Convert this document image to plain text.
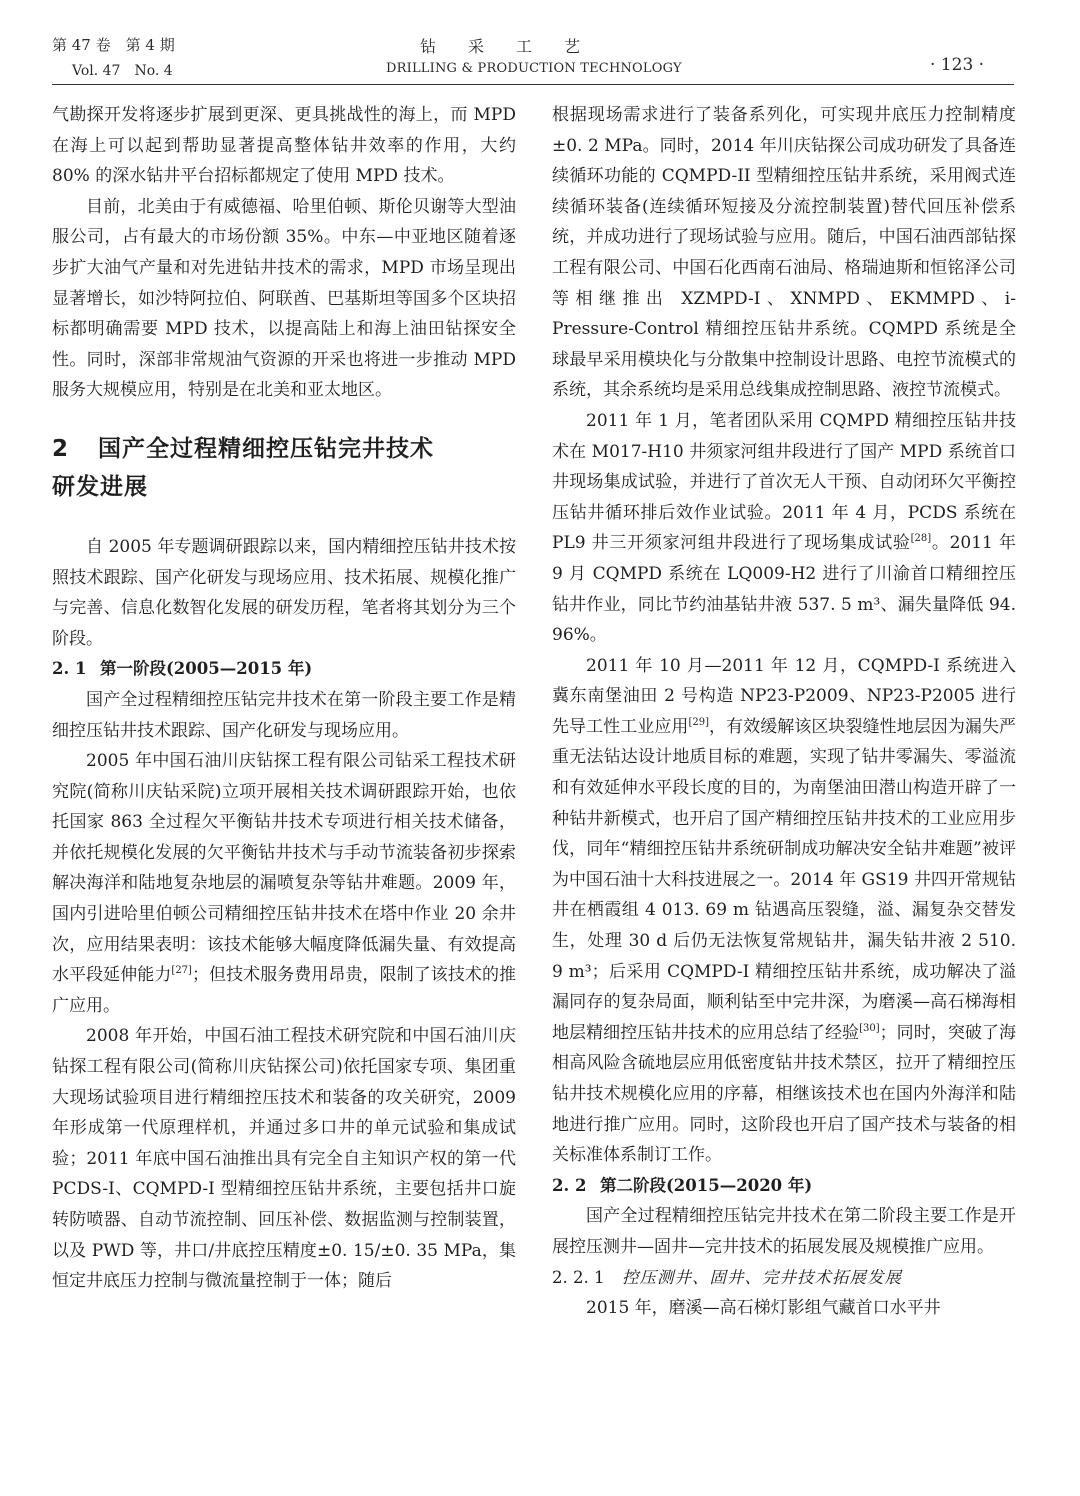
第 47 卷　第 4 期
Vol. 47　No. 4
钻　　采　　工　　艺
DRILLING & PRODUCTION TECHNOLOGY	· 123 ·

气勘探开发将逐步扩展到更深、更具挑战性的海上，而 MPD 在海上可以起到帮助显著提高整体钻井效率的作用，大约 80% 的深水钻井平台招标都规定了使用 MPD 技术。

目前，北美由于有威德福、哈里伯顿、斯伦贝谢等大型油服公司，占有最大的市场份额 35%。中东—中亚地区随着逐步扩大油气产量和对先进钻井技术的需求，MPD 市场呈现出显著增长，如沙特阿拉伯、阿联酋、巴基斯坦等国多个区块招标都明确需要 MPD 技术，以提高陆上和海上油田钻探安全性。同时，深部非常规油气资源的开采也将进一步推动 MPD 服务大规模应用，特别是在北美和亚太地区。

2 国产全过程精细控压钻完井技术
研发进展

自 2005 年专题调研跟踪以来，国内精细控压钻井技术按照技术跟踪、国产化研发与现场应用、技术拓展、规模化推广与完善、信息化数智化发展的研发历程，笔者将其划分为三个阶段。

2. 1 第一阶段(2005—2015 年)

国产全过程精细控压钻完井技术在第一阶段主要工作是精细控压钻井技术跟踪、国产化研发与现场应用。

2005 年中国石油川庆钻探工程有限公司钻采工程技术研究院(简称川庆钻采院)立项开展相关技术调研跟踪开始，也依托国家 863 全过程欠平衡钻井技术专项进行相关技术储备，并依托规模化发展的欠平衡钻井技术与手动节流装备初步探索解决海洋和陆地复杂地层的漏喷复杂等钻井难题。2009 年，国内引进哈里伯顿公司精细控压钻井技术在塔中作业 20 余井次，应用结果表明：该技术能够大幅度降低漏失量、有效提高水平段延伸能力[27]；但技术服务费用昂贵，限制了该技术的推广应用。

2008 年开始，中国石油工程技术研究院和中国石油川庆钻探工程有限公司(简称川庆钻探公司)依托国家专项、集团重大现场试验项目进行精细控压技术和装备的攻关研究，2009 年形成第一代原理样机，并通过多口井的单元试验和集成试验；2011 年底中国石油推出具有完全自主知识产权的第一代 PCDS-I、CQMPD-I 型精细控压钻井系统，主要包括井口旋转防喷器、自动节流控制、回压补偿、数据监测与控制装置，以及 PWD 等，井口/井底控压精度±0. 15/±0. 35 MPa，集恒定井底压力控制与微流量控制于一体；随后

根据现场需求进行了装备系列化，可实现井底压力控制精度±0. 2 MPa。同时，2014 年川庆钻探公司成功研发了具备连续循环功能的 CQMPD-II 型精细控压钻井系统，采用阀式连续循环装备(连续循环短接及分流控制装置)替代回压补偿系统，并成功进行了现场试验与应用。随后，中国石油西部钻探工程有限公司、中国石化西南石油局、格瑞迪斯和恒铭泽公司等相继推出 XZMPD-I、XNMPD、EKMMPD、i-Pressure-Control 精细控压钻井系统。CQMPD 系统是全球最早采用模块化与分散集中控制设计思路、电控节流模式的系统，其余系统均是采用总线集成控制思路、液控节流模式。

2011 年 1 月，笔者团队采用 CQMPD 精细控压钻井技术在 M017-H10 井须家河组井段进行了国产 MPD 系统首口井现场集成试验，并进行了首次无人干预、自动闭环欠平衡控压钻井循环排后效作业试验。2011 年 4 月，PCDS 系统在 PL9 井三开须家河组井段进行了现场集成试验[28]。2011 年 9 月 CQMPD 系统在 LQ009-H2 进行了川渝首口精细控压钻井作业，同比节约油基钻井液 537. 5 m³、漏失量降低 94. 96%。

2011 年 10 月—2011 年 12 月，CQMPD-I 系统进入冀东南堡油田 2 号构造 NP23-P2009、NP23-P2005 进行先导工性工业应用[29]，有效缓解该区块裂缝性地层因为漏失严重无法钻达设计地质目标的难题，实现了钻井零漏失、零溢流和有效延伸水平段长度的目的，为南堡油田潜山构造开辟了一种钻井新模式，也开启了国产精细控压钻井技术的工业应用步伐，同年“精细控压钻井系统研制成功解决安全钻井难题”被评为中国石油十大科技进展之一。2014 年 GS19 井四开常规钻井在栖霞组 4 013. 69 m 钻遇高压裂缝，溢、漏复杂交替发生，处理 30 d 后仍无法恢复常规钻井，漏失钻井液 2 510. 9 m³；后采用 CQMPD-I 精细控压钻井系统，成功解决了溢漏同存的复杂局面，顺利钻至中完井深，为磨溪—高石梯海相地层精细控压钻井技术的应用总结了经验[30]；同时，突破了海相高风险含硫地层应用低密度钻井技术禁区，拉开了精细控压钻井技术规模化应用的序幕，相继该技术也在国内外海洋和陆地进行推广应用。同时，这阶段也开启了国产技术与装备的相关标准体系制订工作。

2. 2 第二阶段(2015—2020 年)

国产全过程精细控压钻完井技术在第二阶段主要工作是开展控压测井—固井—完井技术的拓展发展及规模推广应用。

2. 2. 1 控压测井、固井、完井技术拓展发展

2015 年，磨溪—高石梯灯影组气藏首口水平井
